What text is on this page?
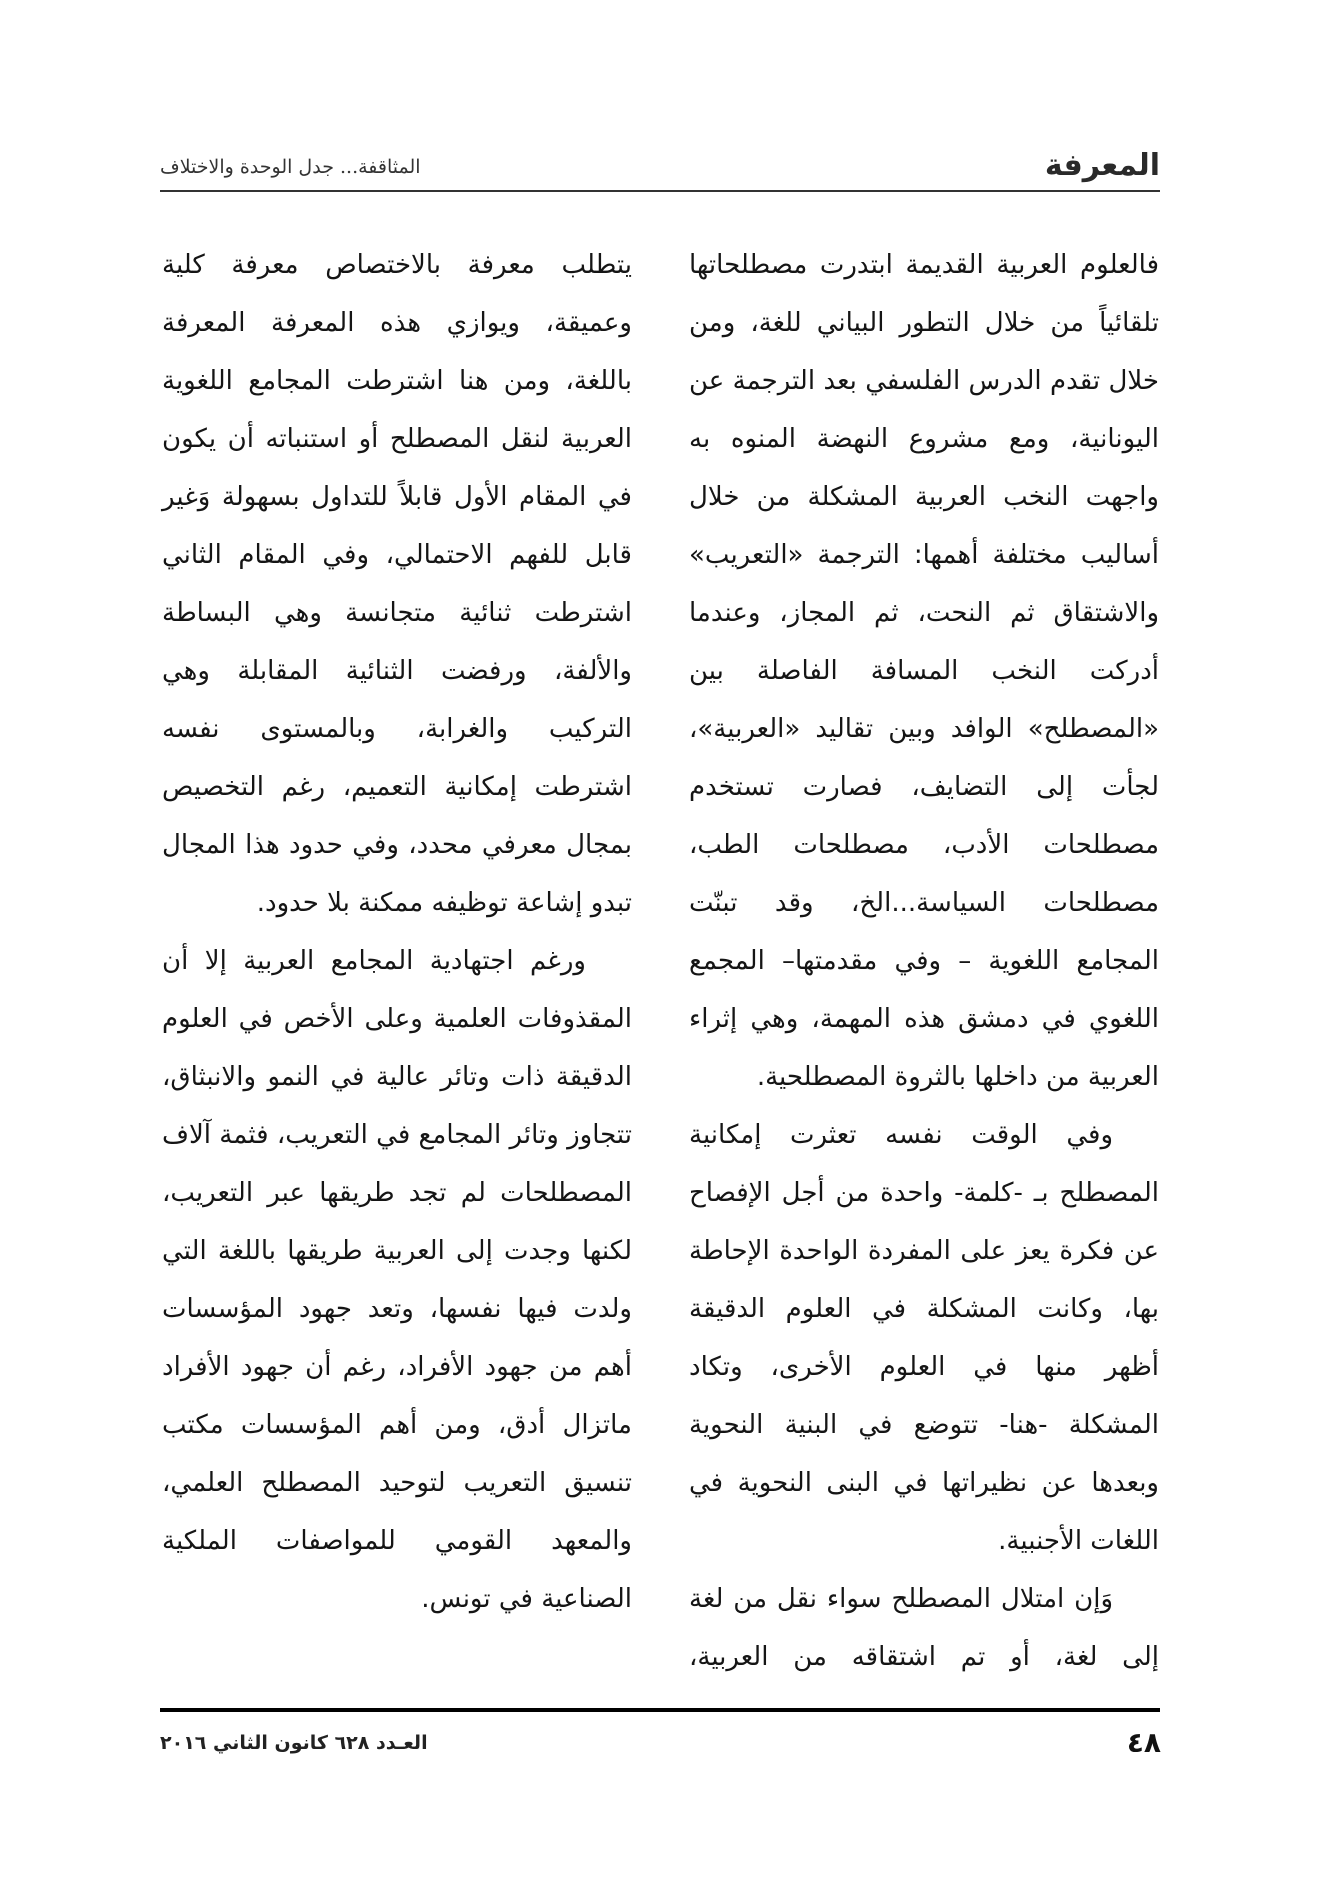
المعرفة
المثاقفة... جدل الوحدة والاختلاف

فالعلوم العربية القديمة ابتدرت مصطلحاتها تلقائياً من خلال التطور البياني للغة، ومن خلال تقدم الدرس الفلسفي بعد الترجمة عن اليونانية، ومع مشروع النهضة المنوه به واجهت النخب العربية المشكلة من خلال أساليب مختلفة أهمها: الترجمة «التعريب» والاشتقاق ثم النحت، ثم المجاز، وعندما أدركت النخب المسافة الفاصلة بين «المصطلح» الوافد وبين تقاليد «العربية»، لجأت إلى التضايف، فصارت تستخدم مصطلحات الأدب، مصطلحات الطب، مصطلحات السياسة...الخ، وقد تبنّت المجامع اللغوية – وفي مقدمتها– المجمع اللغوي في دمشق هذه المهمة، وهي إثراء العربية من داخلها بالثروة المصطلحية.

وفي الوقت نفسه تعثرت إمكانية المصطلح بـ -كلمة- واحدة من أجل الإفصاح عن فكرة يعز على المفردة الواحدة الإحاطة بها، وكانت المشكلة في العلوم الدقيقة أظهر منها في العلوم الأخرى، وتكاد المشكلة -هنا- تتوضع في البنية النحوية وبعدها عن نظيراتها في البنى النحوية في اللغات الأجنبية.

وَإن امتلال المصطلح سواء نقل من لغة إلى لغة، أو تم اشتقاقه من العربية،

يتطلب معرفة بالاختصاص معرفة كلية وعميقة، ويوازي هذه المعرفة المعرفة باللغة، ومن هنا اشترطت المجامع اللغوية العربية لنقل المصطلح أو استنباته أن يكون في المقام الأول قابلاً للتداول بسهولة وَغير قابل للفهم الاحتمالي، وفي المقام الثاني اشترطت ثنائية متجانسة وهي البساطة والألفة، ورفضت الثنائية المقابلة وهي التركيب والغرابة، وبالمستوى نفسه اشترطت إمكانية التعميم، رغم التخصيص بمجال معرفي محدد، وفي حدود هذا المجال تبدو إشاعة توظيفه ممكنة بلا حدود.

ورغم اجتهادية المجامع العربية إلا أن المقذوفات العلمية وعلى الأخص في العلوم الدقيقة ذات وتائر عالية في النمو والانبثاق، تتجاوز وتائر المجامع في التعريب، فثمة آلاف المصطلحات لم تجد طريقها عبر التعريب، لكنها وجدت إلى العربية طريقها باللغة التي ولدت فيها نفسها، وتعد جهود المؤسسات أهم من جهود الأفراد، رغم أن جهود الأفراد ماتزال أدق، ومن أهم المؤسسات مكتب تنسيق التعريب لتوحيد المصطلح العلمي، والمعهد القومي للمواصفات الملكية الصناعية في تونس.

العـدد ٦٢٨ كانون الثاني ٢٠١٦	٤٨
